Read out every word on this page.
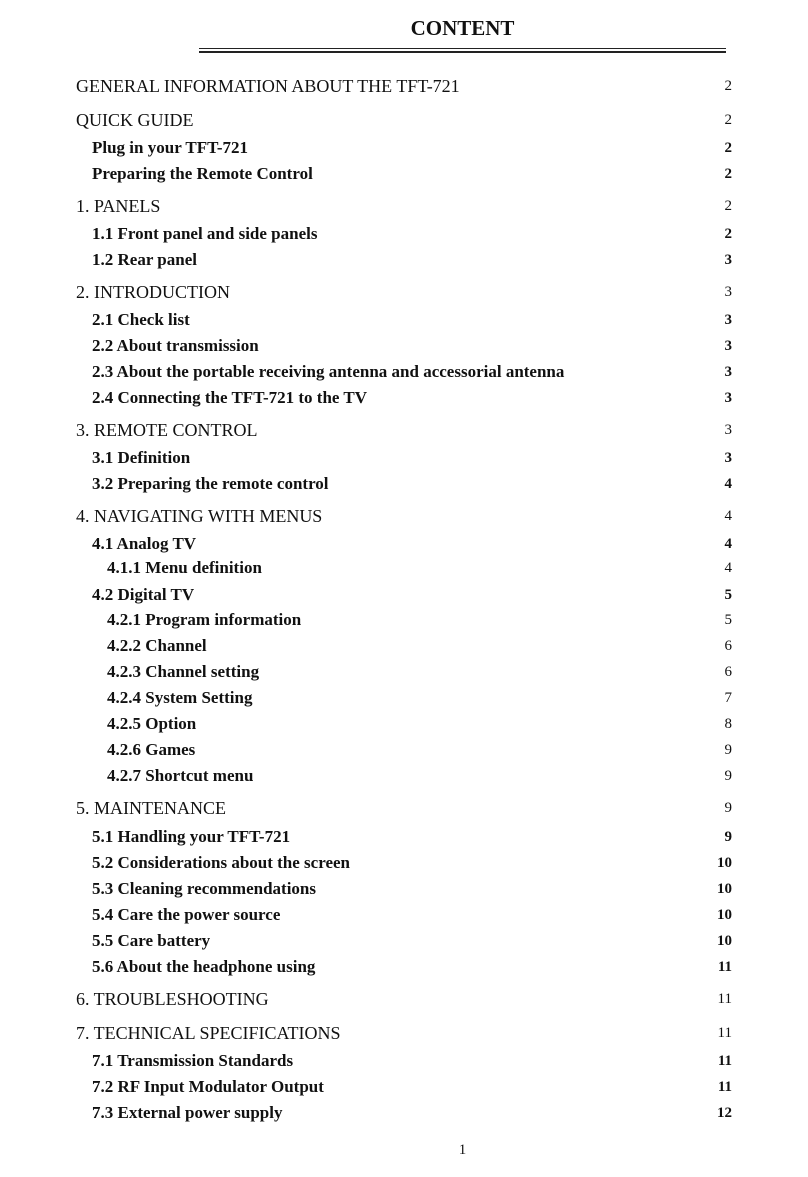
CONTENT
GENERAL INFORMATION ABOUT THE TFT-721	2
QUICK GUIDE	2
Plug in your TFT-721	2
Preparing the Remote Control	2
1. PANELS	2
1.1 Front panel and side panels	2
1.2 Rear panel	3
2. INTRODUCTION	3
2.1 Check list	3
2.2 About transmission	3
2.3 About the portable receiving antenna and accessorial antenna	3
2.4 Connecting the TFT-721 to the TV	3
3. REMOTE CONTROL	3
3.1 Definition	3
3.2 Preparing the remote control	4
4. NAVIGATING WITH MENUS	4
4.1 Analog TV	4
4.1.1 Menu definition	4
4.2 Digital TV	5
4.2.1 Program information	5
4.2.2 Channel	6
4.2.3 Channel setting	6
4.2.4 System Setting	7
4.2.5 Option	8
4.2.6 Games	9
4.2.7 Shortcut menu	9
5. MAINTENANCE	9
5.1 Handling your TFT-721	9
5.2 Considerations about the screen	10
5.3 Cleaning recommendations	10
5.4 Care the power source	10
5.5 Care battery	10
5.6 About the headphone using	11
6. TROUBLESHOOTING	11
7. TECHNICAL SPECIFICATIONS	11
7.1 Transmission Standards	11
7.2 RF Input Modulator Output	11
7.3 External power supply	12
1
